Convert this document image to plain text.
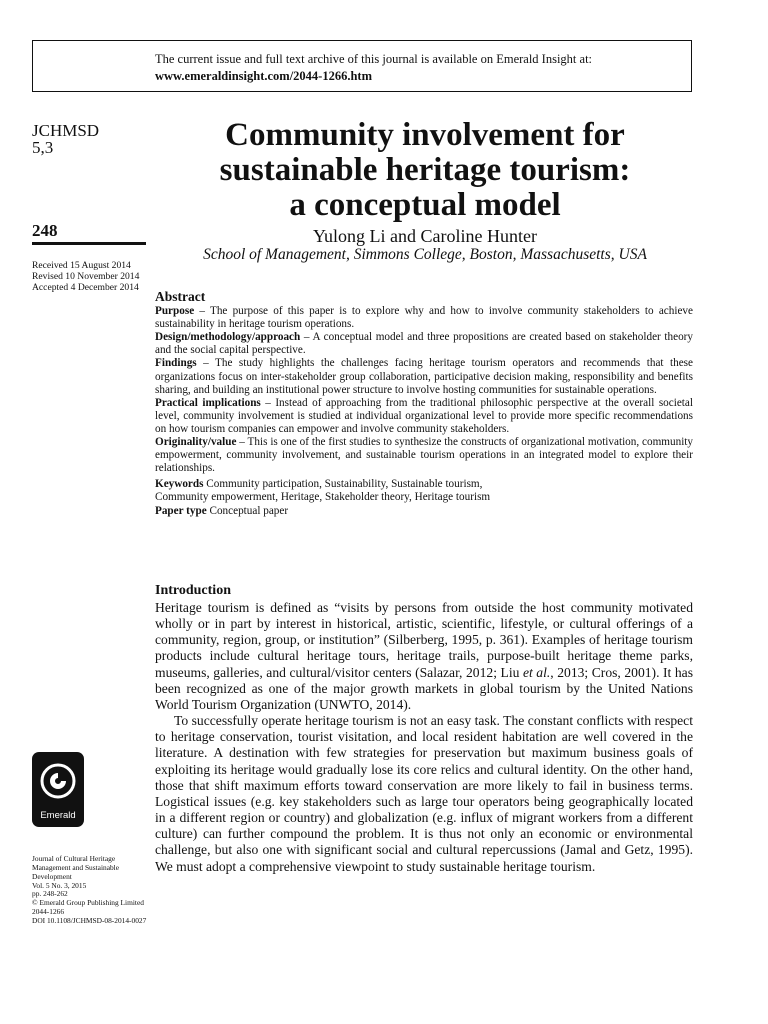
The current issue and full text archive of this journal is available on Emerald Insight at:
www.emeraldinsight.com/2044-1266.htm
JCHMSD
5,3
248
Received 15 August 2014
Revised 10 November 2014
Accepted 4 December 2014
Community involvement for
sustainable heritage tourism:
a conceptual model
Yulong Li and Caroline Hunter
School of Management, Simmons College, Boston, Massachusetts, USA
Abstract

Purpose – The purpose of this paper is to explore why and how to involve community stakeholders to achieve sustainability in heritage tourism operations.

Design/methodology/approach – A conceptual model and three propositions are created based on stakeholder theory and the social capital perspective.

Findings – The study highlights the challenges facing heritage tourism operators and recommends that these organizations focus on inter-stakeholder group collaboration, participative decision making, responsibility and benefits sharing, and building an institutional power structure to involve hosting communities for sustainable operations.

Practical implications – Instead of approaching from the traditional philosophic perspective at the overall societal level, community involvement is studied at individual organizational level to provide more specific recommendations on how tourism companies can empower and involve community stakeholders.

Originality/value – This is one of the first studies to synthesize the constructs of organizational motivation, community empowerment, community involvement, and sustainable tourism operations in an integrated model to explore their relationships.

Keywords Community participation, Sustainability, Sustainable tourism,
Community empowerment, Heritage, Stakeholder theory, Heritage tourism

Paper type Conceptual paper

Introduction

Heritage tourism is defined as “visits by persons from outside the host community motivated wholly or in part by interest in historical, artistic, scientific, lifestyle, or cultural offerings of a community, region, group, or institution” (Silberberg, 1995, p. 361). Examples of heritage tourism products include cultural heritage tours, heritage trails, purpose-built heritage theme parks, museums, galleries, and cultural/visitor centers (Salazar, 2012; Liu et al., 2013; Cros, 2001). It has been recognized as one of the major growth markets in global tourism by the United Nations World Tourism Organization (UNWTO, 2014).

To successfully operate heritage tourism is not an easy task. The constant conflicts with respect to heritage conservation, tourist visitation, and local resident habitation are well covered in the literature. A destination with few strategies for preservation but maximum business goals of exploiting its heritage would gradually lose its core relics and cultural identity. On the other hand, those that shift maximum efforts toward conservation are more likely to fail in business terms. Logistical issues (e.g. key stakeholders such as large tour operators being geographically located in a different region or country) and globalization (e.g. influx of migrant workers from a different culture) can further compound the problem. It is thus not only an economic or environmental challenge, but also one with significant social and cultural repercussions (Jamal and Getz, 1995). We must adopt a comprehensive viewpoint to study sustainable heritage tourism.

Emerald
Journal of Cultural Heritage
Management and Sustainable
Development
Vol. 5 No. 3, 2015
pp. 248-262
© Emerald Group Publishing Limited
2044-1266
DOI 10.1108/JCHMSD-08-2014-0027
